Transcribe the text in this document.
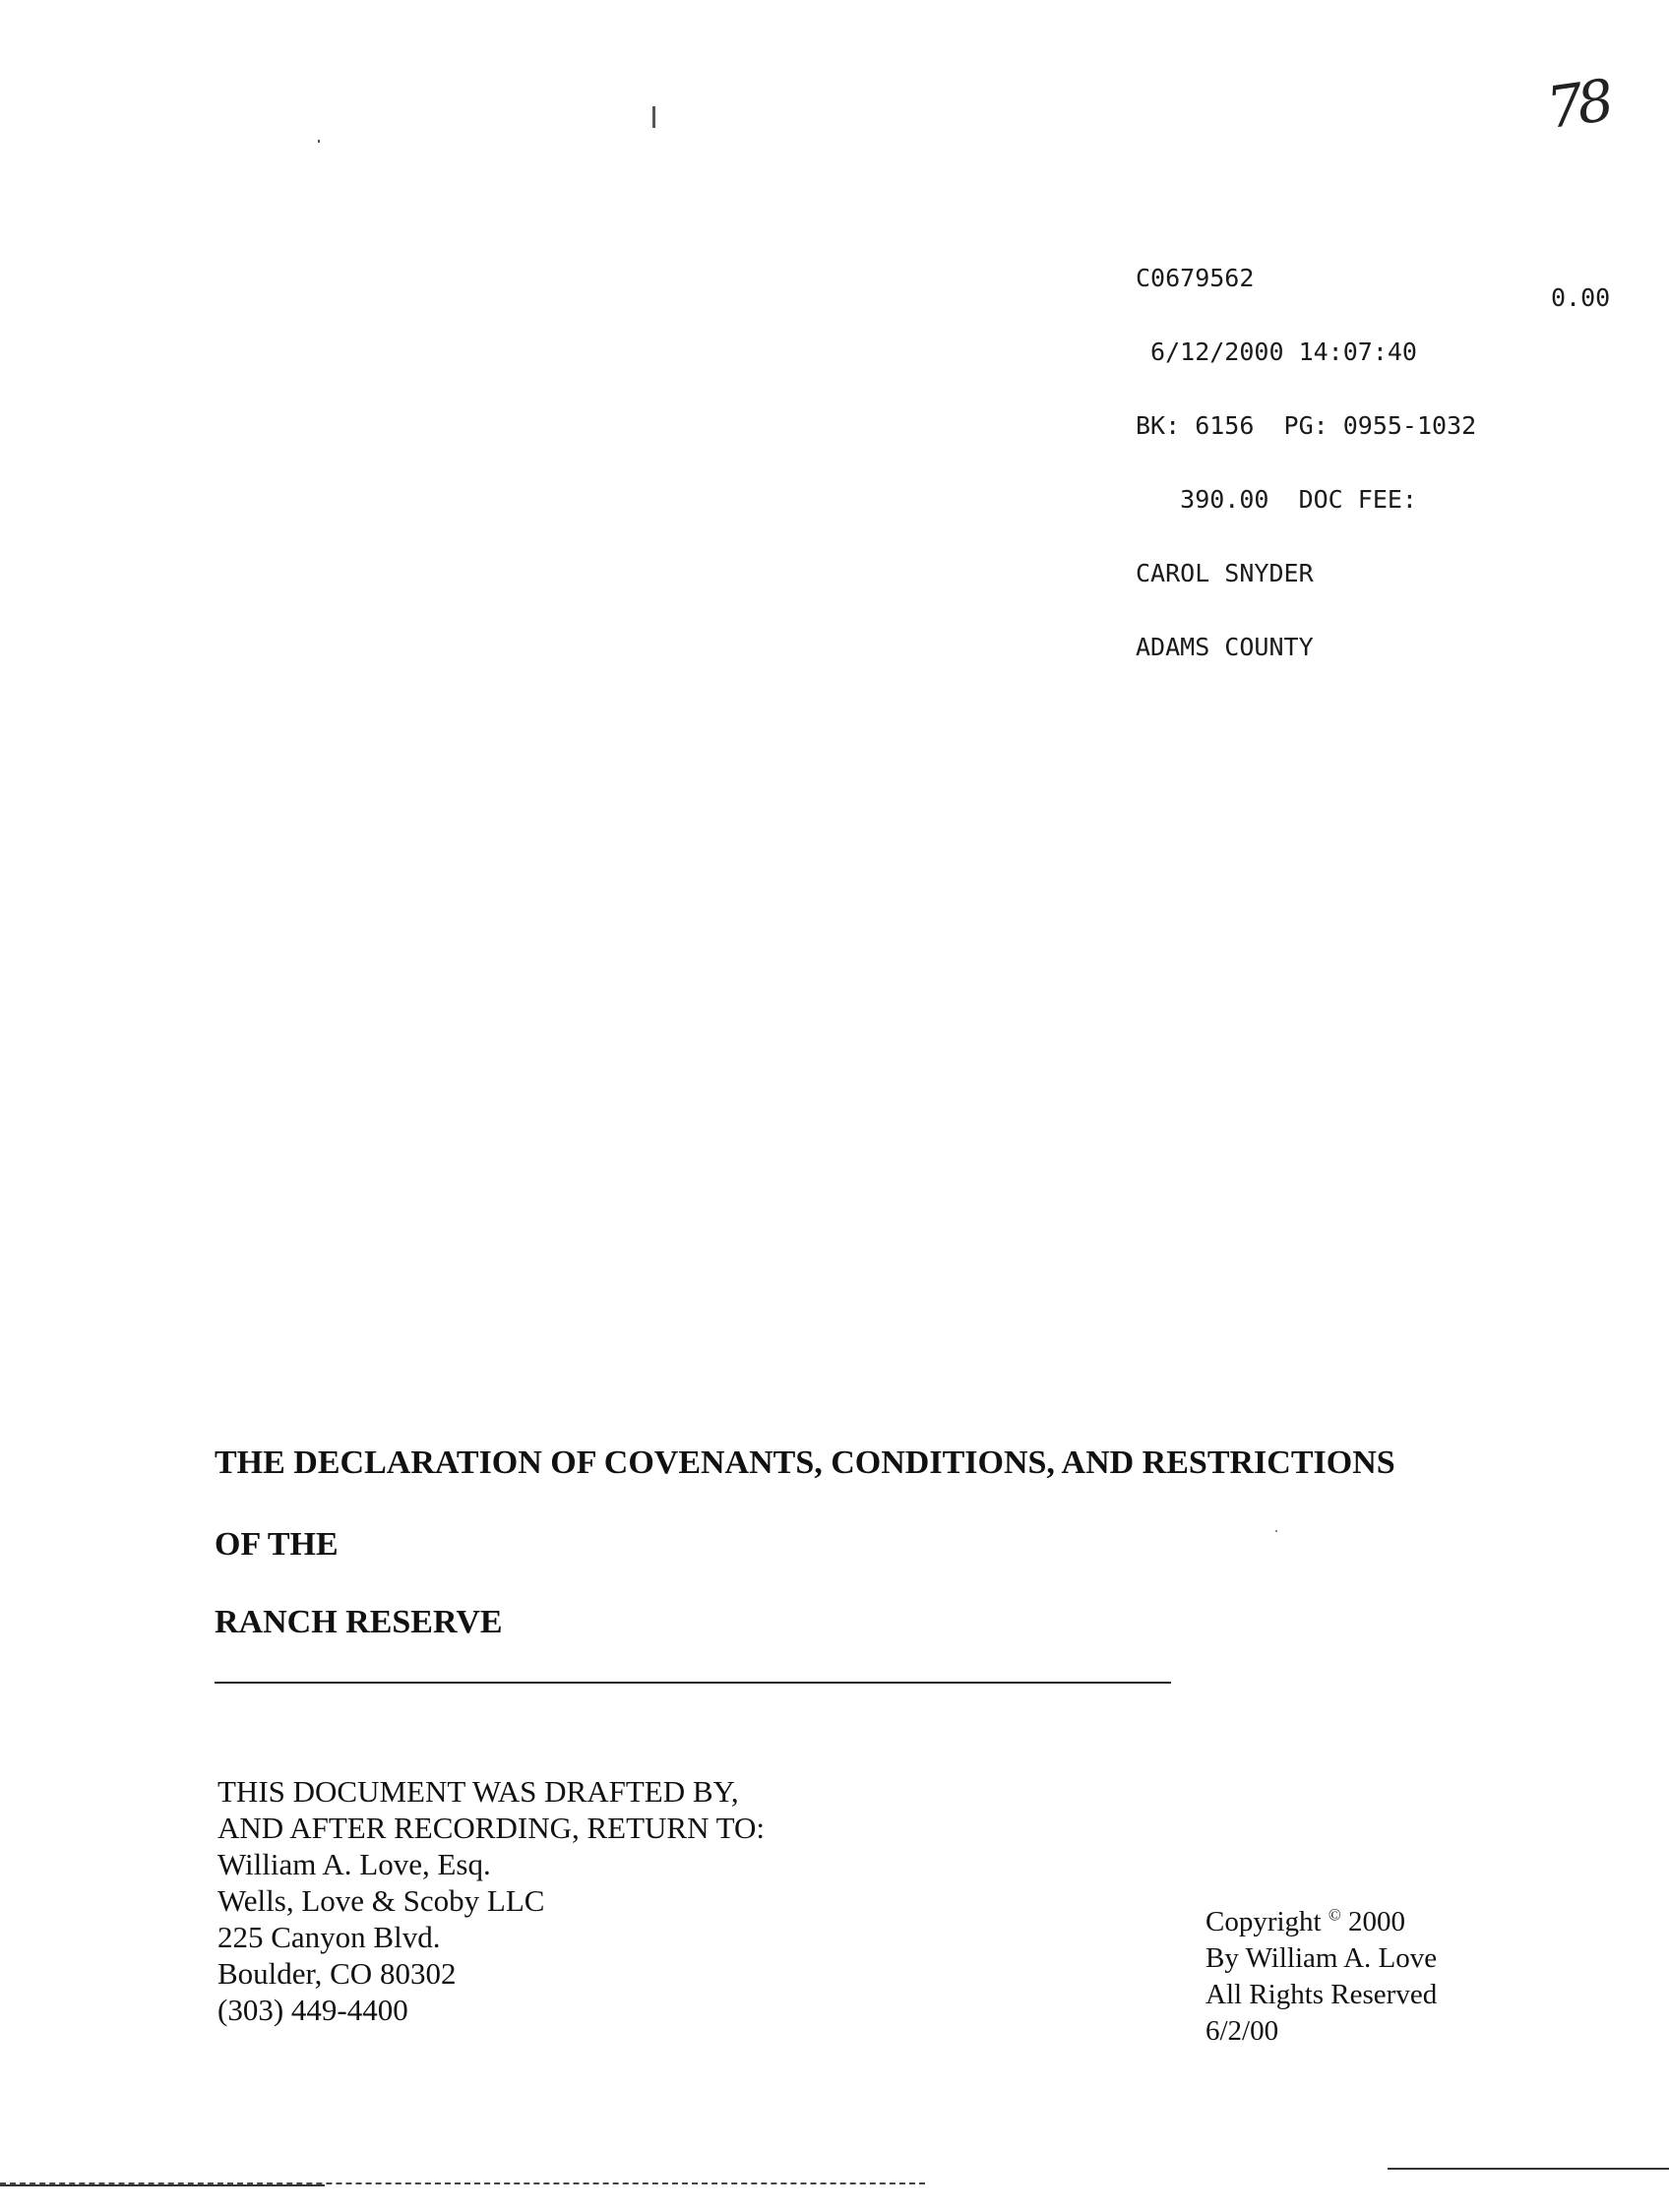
78

C0679562

6/12/2000 14:07:40

BK: 6156  PG: 0955-1032

390.00  DOC FEE:

CAROL SNYDER

ADAMS COUNTY

0.00
THE DECLARATION OF COVENANTS, CONDITIONS, AND RESTRICTIONS
OF THE
RANCH RESERVE
THIS DOCUMENT WAS DRAFTED BY,
AND AFTER RECORDING, RETURN TO:
William A. Love, Esq.
Wells, Love & Scoby LLC
225 Canyon Blvd.
Boulder, CO 80302
(303) 449-4400
Copyright © 2000
By William A. Love
All Rights Reserved
6/2/00
